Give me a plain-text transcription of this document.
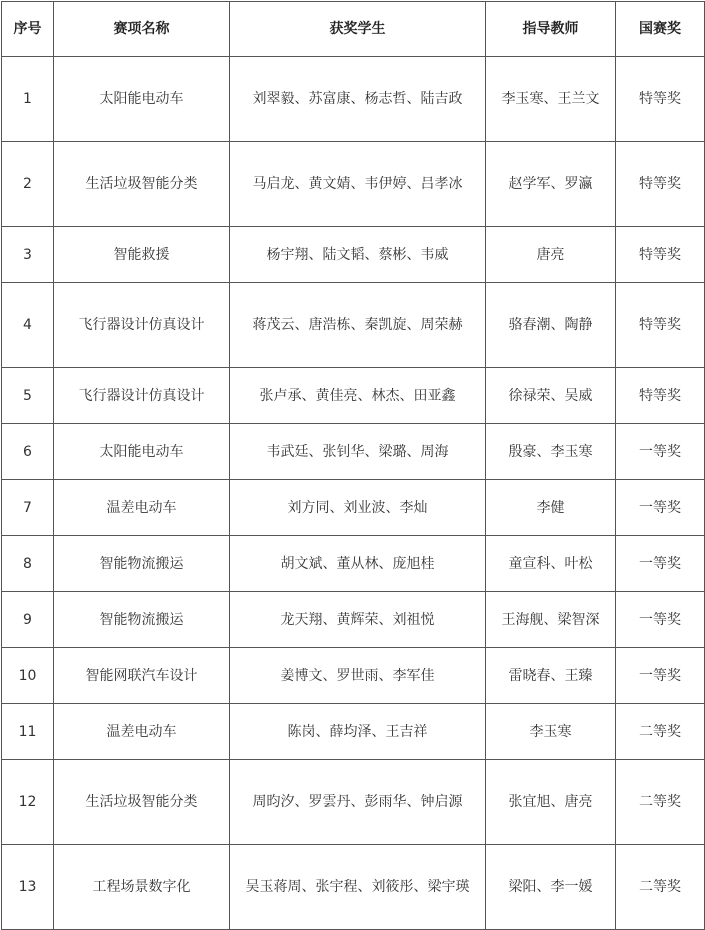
序号	赛项名称	获奖学生	指导教师	国赛奖
1	太阳能电动车	刘翠毅、苏富康、杨志哲、陆吉政	李玉寒、王兰文	特等奖
2	生活垃圾智能分类	马启龙、黄文婧、韦伊婷、吕孝冰	赵学军、罗瀛	特等奖
3	智能救援	杨宇翔、陆文韬、蔡彬、韦威	唐亮	特等奖
4	飞行器设计仿真设计	蒋茂云、唐浩栋、秦凯旋、周荣赫	骆春潮、陶静	特等奖
5	飞行器设计仿真设计	张卢承、黄佳亮、林杰、田亚鑫	徐禄荣、吴威	特等奖
6	太阳能电动车	韦武廷、张钊华、梁璐、周海	殷豪、李玉寒	一等奖
7	温差电动车	刘方同、刘业波、李灿	李健	一等奖
8	智能物流搬运	胡文斌、董从林、庞旭桂	童宣科、叶松	一等奖
9	智能物流搬运	龙天翔、黄辉荣、刘祖悦	王海舰、梁智深	一等奖
10	智能网联汽车设计	姜博文、罗世雨、李军佳	雷晓春、王臻	一等奖
11	温差电动车	陈岗、薛均泽、王吉祥	李玉寒	二等奖
12	生活垃圾智能分类	周昀汐、罗雲丹、彭雨华、钟启源	张宜旭、唐亮	二等奖
13	工程场景数字化	吴玉蒋周、张宇程、刘筱彤、梁宇瑛	梁阳、李一媛	二等奖
